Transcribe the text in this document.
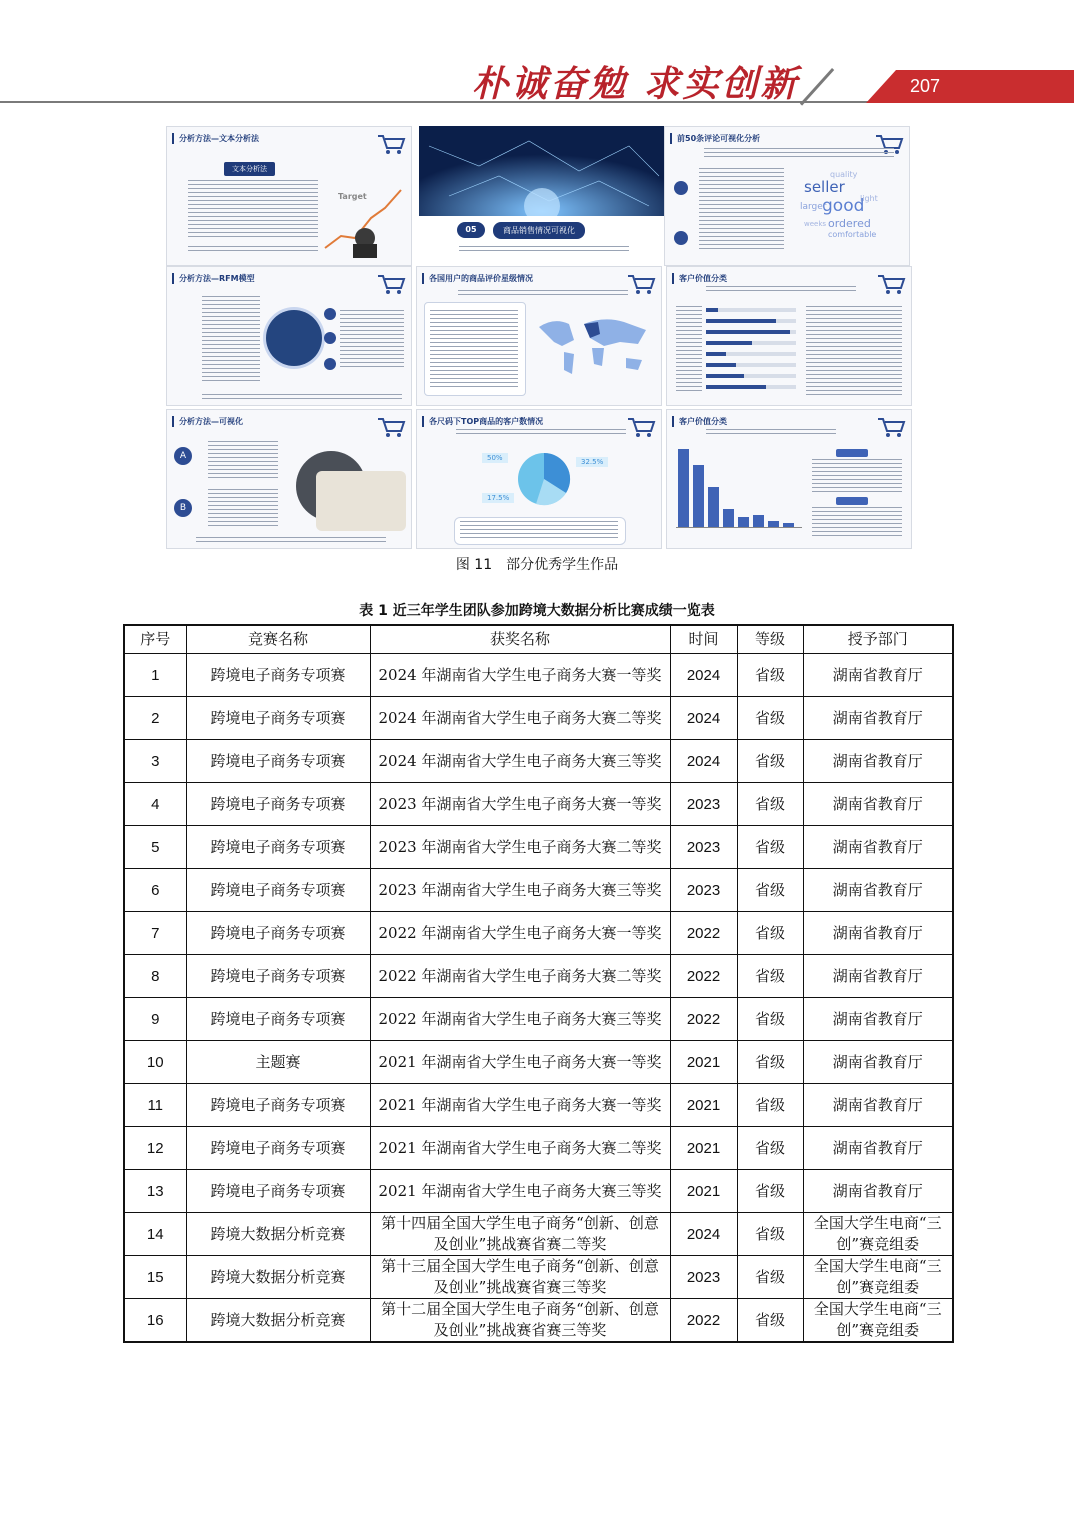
朴诚奋勉 求实创新	207
分析方法—文本分析法
文本分析法
Target
05	商品销售情况可视化
前50条评论可视化分析
seller
good
ordered
larger
comfortable
light
quality
weeks
分析方法—RFM模型	各国用户的商品评价星级情况	客户价值分类
分析方法—可视化
A
B
各尺码下TOP商品的客户数情况
50%	32.5%
17.5%
客户价值分类
图 11　部分优秀学生作品
表 1 近三年学生团队参加跨境大数据分析比赛成绩一览表
序号	竞赛名称	获奖名称	时间	等级	授予部门
1	跨境电子商务专项赛	2024 年湖南省大学生电子商务大赛一等奖	2024	省级	湖南省教育厅
2	跨境电子商务专项赛	2024 年湖南省大学生电子商务大赛二等奖	2024	省级	湖南省教育厅
3	跨境电子商务专项赛	2024 年湖南省大学生电子商务大赛三等奖	2024	省级	湖南省教育厅
4	跨境电子商务专项赛	2023 年湖南省大学生电子商务大赛一等奖	2023	省级	湖南省教育厅
5	跨境电子商务专项赛	2023 年湖南省大学生电子商务大赛二等奖	2023	省级	湖南省教育厅
6	跨境电子商务专项赛	2023 年湖南省大学生电子商务大赛三等奖	2023	省级	湖南省教育厅
7	跨境电子商务专项赛	2022 年湖南省大学生电子商务大赛一等奖	2022	省级	湖南省教育厅
8	跨境电子商务专项赛	2022 年湖南省大学生电子商务大赛二等奖	2022	省级	湖南省教育厅
9	跨境电子商务专项赛	2022 年湖南省大学生电子商务大赛三等奖	2022	省级	湖南省教育厅
10	主题赛	2021 年湖南省大学生电子商务大赛一等奖	2021	省级	湖南省教育厅
11	跨境电子商务专项赛	2021 年湖南省大学生电子商务大赛一等奖	2021	省级	湖南省教育厅
12	跨境电子商务专项赛	2021 年湖南省大学生电子商务大赛二等奖	2021	省级	湖南省教育厅
13	跨境电子商务专项赛	2021 年湖南省大学生电子商务大赛三等奖	2021	省级	湖南省教育厅
14	跨境大数据分析竞赛	第十四届全国大学生电子商务“创新、创意及创业”挑战赛省赛二等奖	2024	省级	全国大学生电商“三创”赛竞组委
15	跨境大数据分析竞赛	第十三届全国大学生电子商务“创新、创意及创业”挑战赛省赛三等奖	2023	省级	全国大学生电商“三创”赛竞组委
16	跨境大数据分析竞赛	第十二届全国大学生电子商务“创新、创意及创业”挑战赛省赛三等奖	2022	省级	全国大学生电商“三创”赛竞组委
